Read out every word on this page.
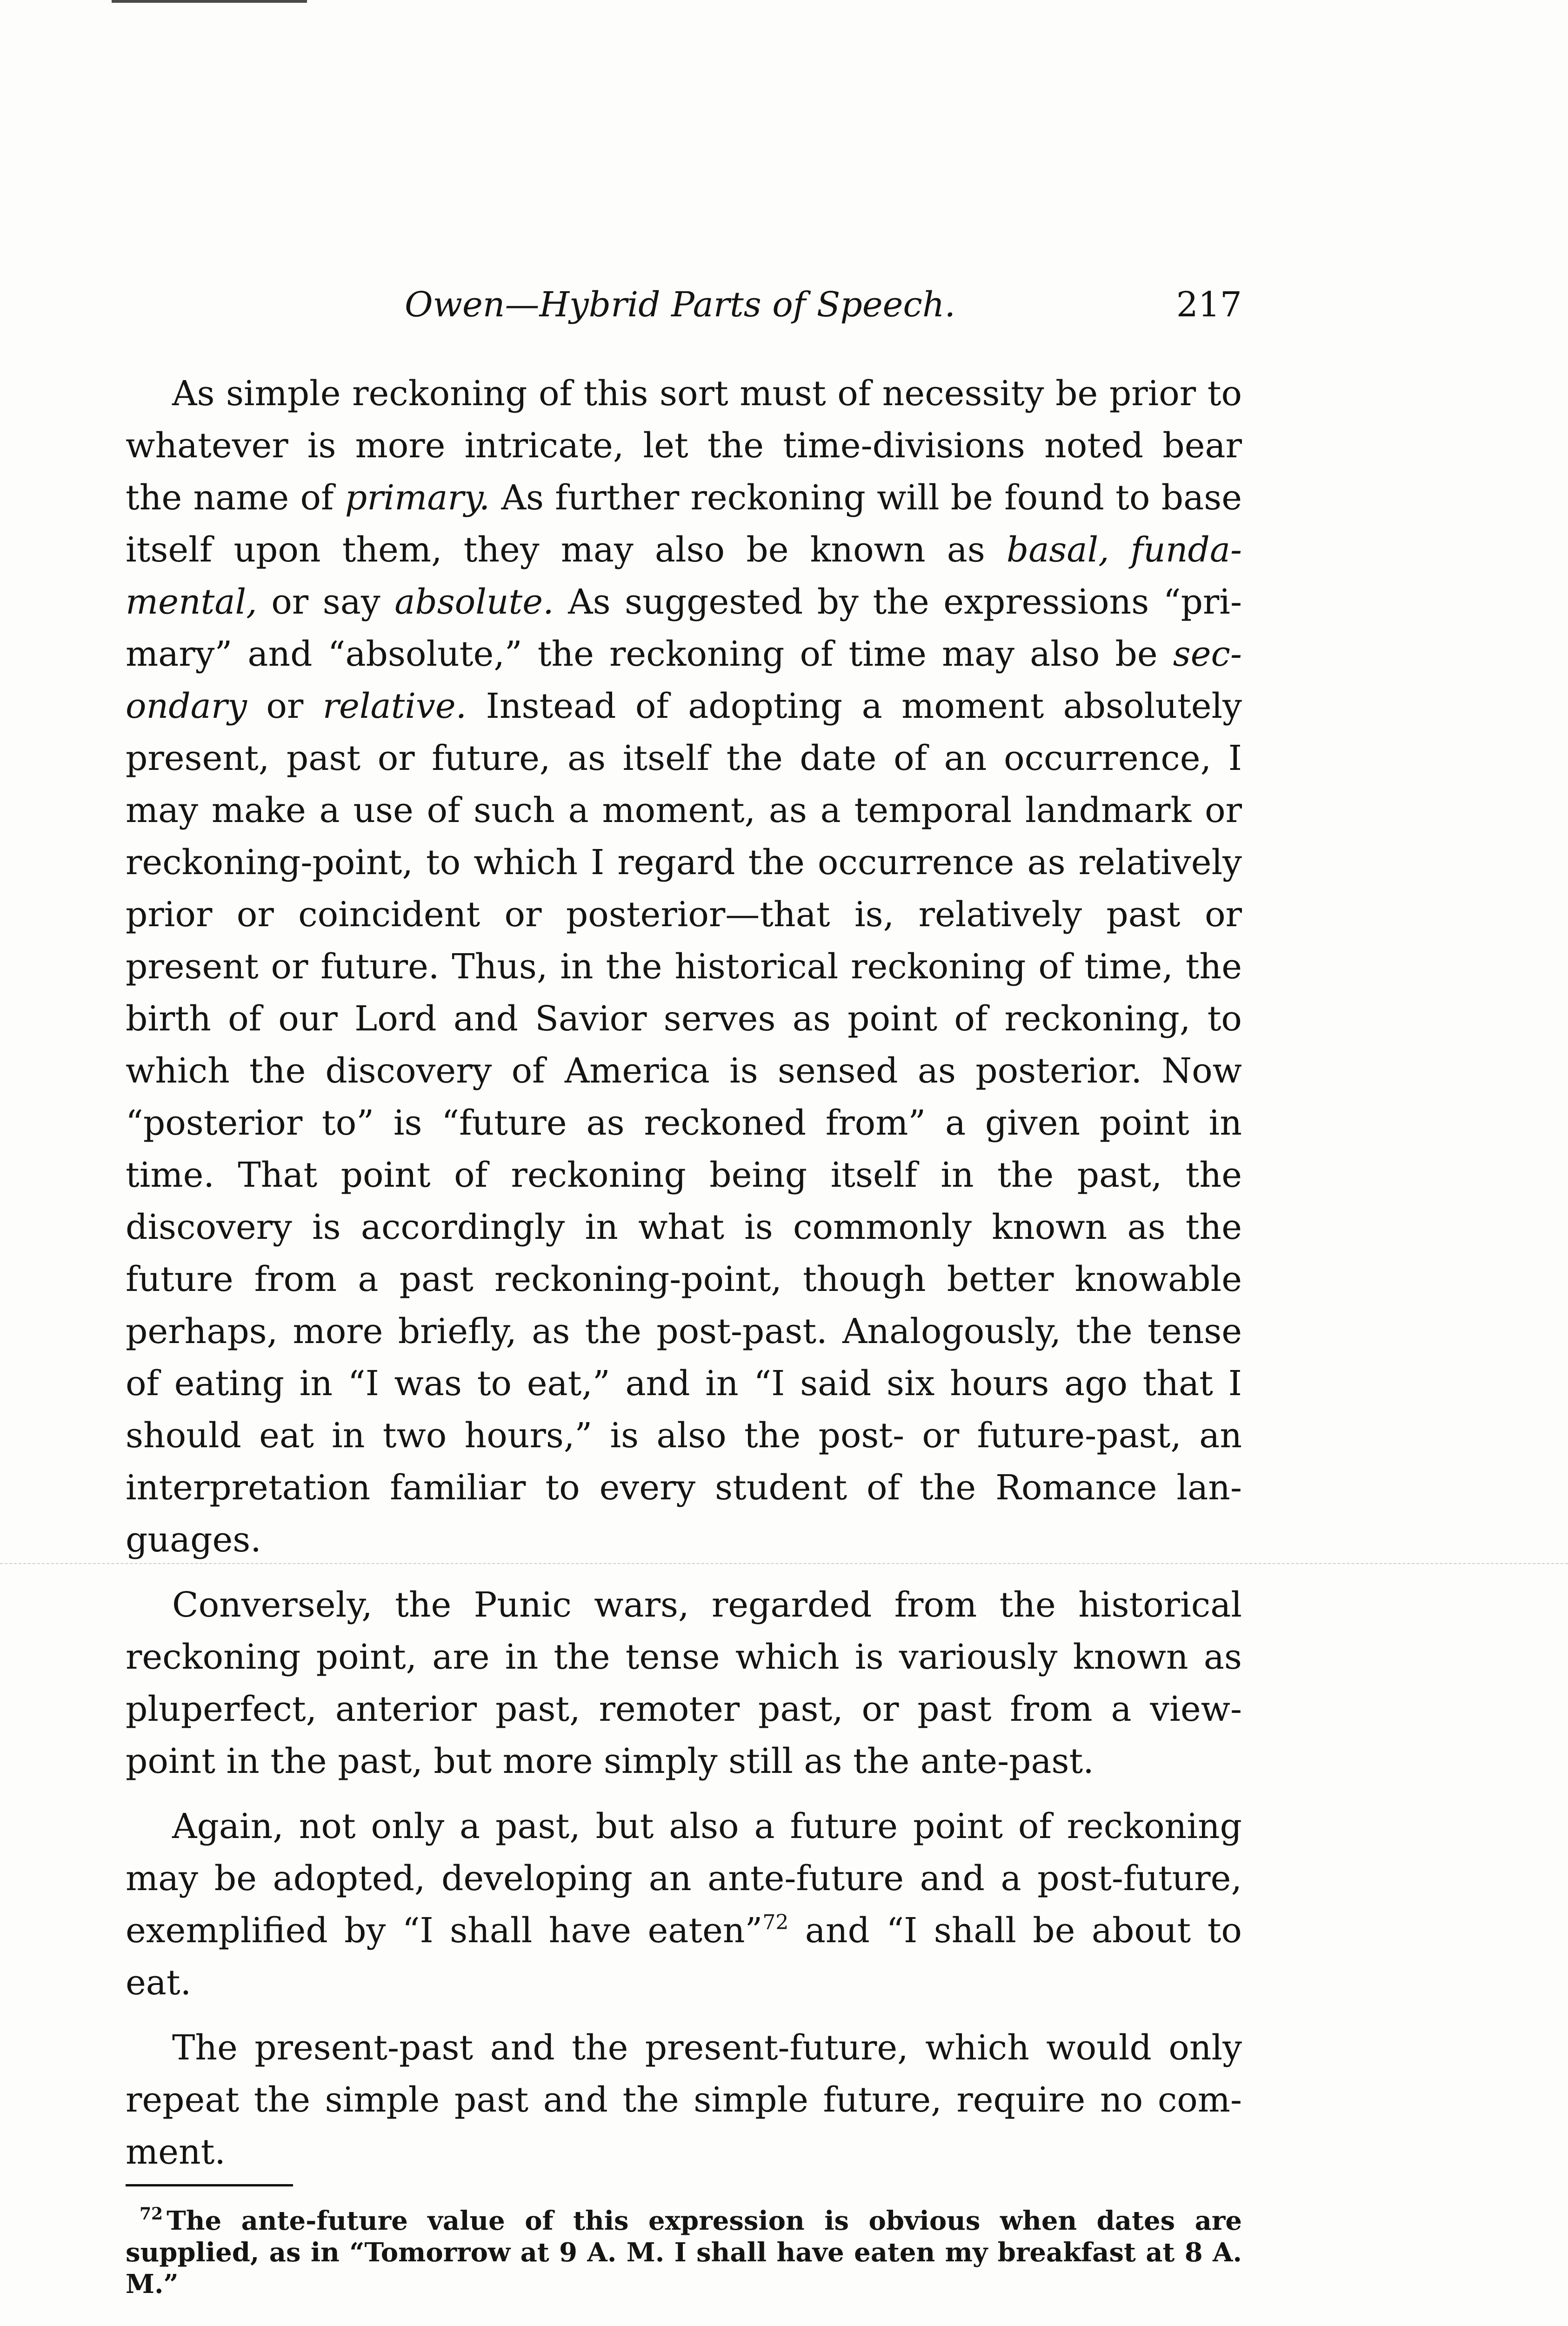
Owen—Hybrid Parts of Speech.	217

As simple reckoning of this sort must of necessity be prior to whatever is more intricate, let the time-divisions noted bear the name of primary. As further reckoning will be found to base itself upon them, they may also be known as basal, fundamental, or say absolute. As suggested by the expressions “primary” and “absolute,” the reckoning of time may also be secondary or relative. Instead of adopting a moment absolutely present, past or future, as itself the date of an occurrence, I may make a use of such a moment, as a temporal landmark or reckoning-point, to which I regard the occurrence as relatively prior or coincident or posterior—that is, relatively past or present or future. Thus, in the historical reckoning of time, the birth of our Lord and Savior serves as point of reckoning, to which the discovery of America is sensed as posterior. Now “posterior to” is “future as reckoned from” a given point in time. That point of reckoning being itself in the past, the discovery is accordingly in what is commonly known as the future from a past reckoning-point, though better knowable perhaps, more briefly, as the post-past. Analogously, the tense of eating in “I was to eat,” and in “I said six hours ago that I should eat in two hours,” is also the post- or future-past, an interpretation familiar to every student of the Romance languages.

Conversely, the Punic wars, regarded from the historical reckoning point, are in the tense which is variously known as pluperfect, anterior past, remoter past, or past from a viewpoint in the past, but more simply still as the ante-past.

Again, not only a past, but also a future point of reckoning may be adopted, developing an ante-future and a post-future, exemplified by “I shall have eaten”$^{72}$ and “I shall be about to eat.

The present-past and the present-future, which would only repeat the simple past and the simple future, require no comment.

$^{72}$ The ante-future value of this expression is obvious when dates are supplied, as in “Tomorrow at 9 A. M. I shall have eaten my breakfast at 8 A. M.”
